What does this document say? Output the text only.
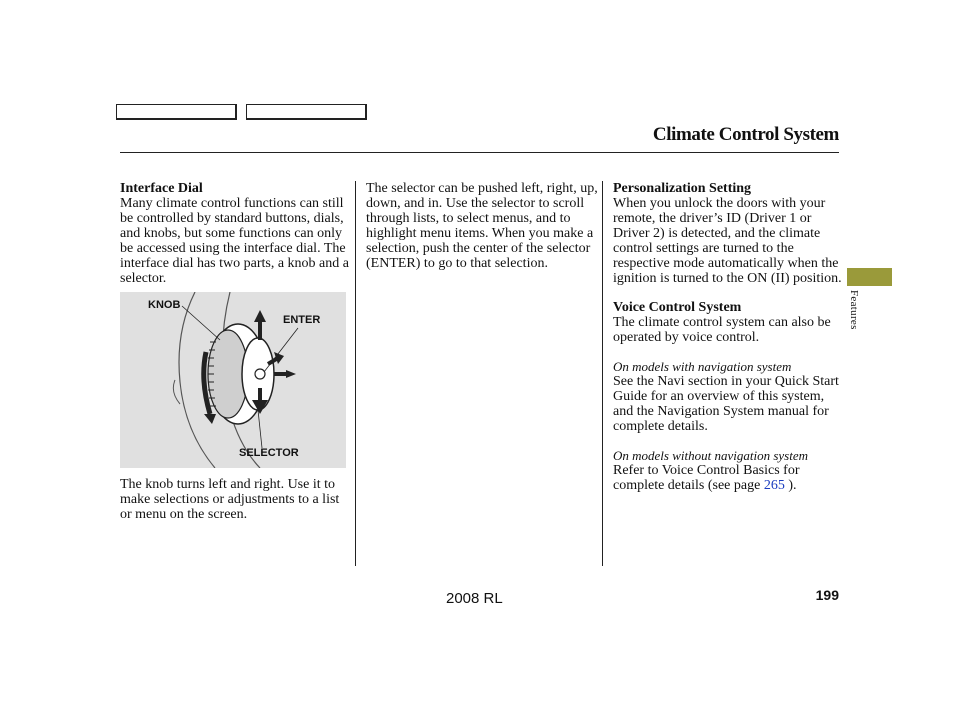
Climate Control System

Interface Dial

Many climate control functions can still be controlled by standard buttons, dials, and knobs, but some functions can only be accessed using the interface dial. The interface dial has two parts, a knob and a selector.

KNOB
ENTER
SELECTOR

The knob turns left and right. Use it to make selections or adjustments to a list or menu on the screen.

The selector can be pushed left, right, up, down, and in. Use the selector to scroll through lists, to select menus, and to highlight menu items. When you make a selection, push the center of the selector (ENTER) to go to that selection.

Personalization Setting

When you unlock the doors with your remote, the driver’s ID (Driver 1 or Driver 2) is detected, and the climate control settings are turned to the respective mode automatically when the ignition is turned to the ON (II) position.

Voice Control System

The climate control system can also be operated by voice control.

On models with navigation system

See the Navi section in your Quick Start Guide for an overview of this system, and the Navigation System manual for complete details.

On models without navigation system

Refer to Voice Control Basics for complete details (see page 265 ).

Features
2008 RL	199
